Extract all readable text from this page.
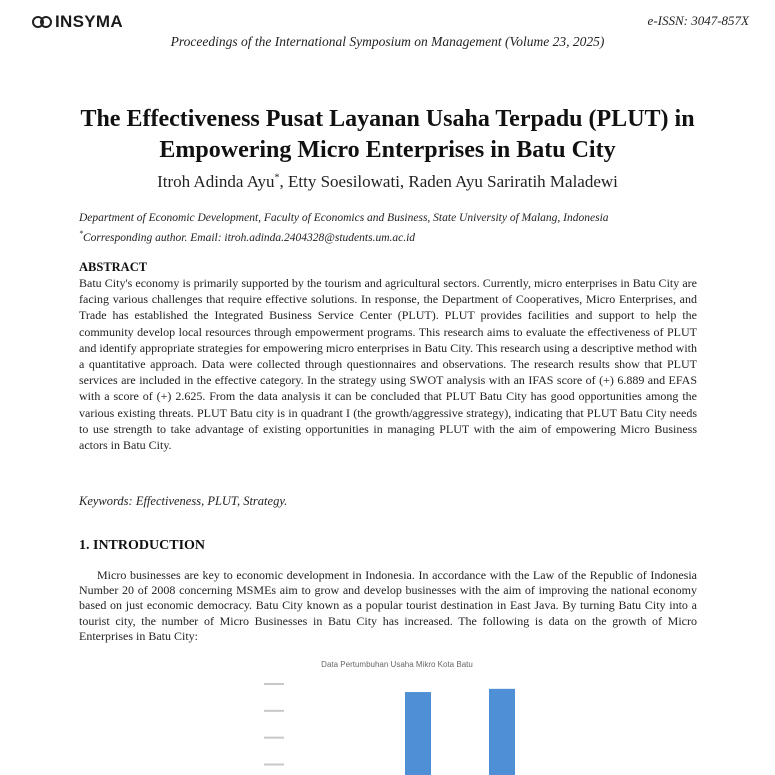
INSYMA	e-ISSN: 3047-857X
Proceedings of the International Symposium on Management (Volume 23, 2025)
The Effectiveness Pusat Layanan Usaha Terpadu (PLUT) in Empowering Micro Enterprises in Batu City
Itroh Adinda Ayu*, Etty Soesilowati, Raden Ayu Sariratih Maladewi
Department of Economic Development, Faculty of Economics and Business, State University of Malang, Indonesia
*Corresponding author. Email: itroh.adinda.2404328@students.um.ac.id
ABSTRACT

Batu City's economy is primarily supported by the tourism and agricultural sectors. Currently, micro enterprises in Batu City are facing various challenges that require effective solutions. In response, the Department of Cooperatives, Micro Enterprises, and Trade has established the Integrated Business Service Center (PLUT). PLUT provides facilities and support to help the community develop local resources through empowerment programs. This research aims to evaluate the effectiveness of PLUT and identify appropriate strategies for empowering micro enterprises in Batu City. This research using a descriptive method with a quantitative approach. Data were collected through questionnaires and observations. The research results show that PLUT services are included in the effective category. In the strategy using SWOT analysis with an IFAS score of (+) 6.889 and EFAS with a score of (+) 2.625. From the data analysis it can be concluded that PLUT Batu City has good opportunities among the various existing threats. PLUT Batu city is in quadrant I (the growth/aggressive strategy), indicating that PLUT Batu City needs to use strength to take advantage of existing opportunities in managing PLUT with the aim of empowering Micro Business actors in Batu City.

Keywords: Effectiveness, PLUT, Strategy.
1. INTRODUCTION

Micro businesses are key to economic development in Indonesia. In accordance with the Law of the Republic of Indonesia Number 20 of 2008 concerning MSMEs aim to grow and develop businesses with the aim of improving the national economy based on just economic democracy. Batu City known as a popular tourist destination in East Java. By turning Batu City into a tourist city, the number of Micro Businesses in Batu City has increased. The following is data on the growth of Micro Enterprises in Batu City:

Data Pertumbuhan Usaha Mikro Kota Batu
